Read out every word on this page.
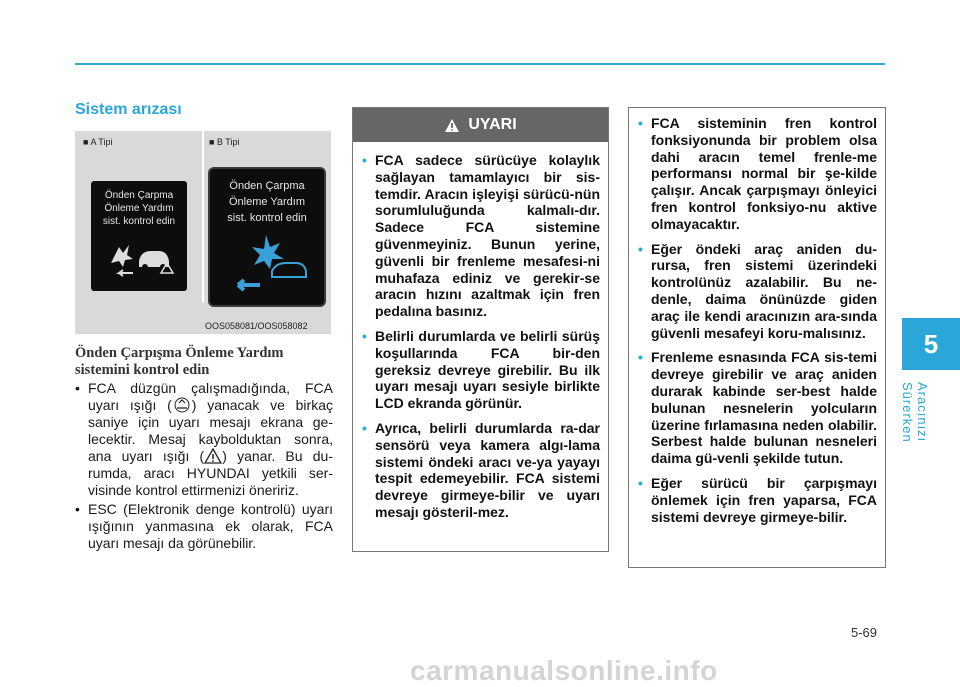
5
Aracınızı Sürerken
Sistem arızası
■ A Tipi	■ B Tipi
Önden Çarpma
Önleme Yardım
sist. kontrol edin
Önden Çarpma
Önleme Yardım
sist. kontrol edin
OOS058081/OOS058082
Önden Çarpışma Önleme Yardım sistemini kontrol edin
• FCA düzgün çalışmadığında, FCA uyarı ışığı ( ) yanacak ve birkaç saniye için uyarı mesajı ekrana ge-lecektir. Mesaj kaybolduktan sonra, ana uyarı ışığı ( ) yanar. Bu du-rumda, aracı HYUNDAI yetkili ser-visinde kontrol ettirmenizi öneririz.
• ESC (Elektronik denge kontrolü) uyarı ışığının yanmasına ek olarak, FCA uyarı mesajı da görünebilir.
UYARI
• FCA sadece sürücüye kolaylık sağlayan tamamlayıcı bir sis-temdir. Aracın işleyişi sürücü-nün sorumluluğunda kalmalı-dır. Sadece FCA sistemine güvenmeyiniz. Bunun yerine, güvenli bir frenleme mesafesi-ni muhafaza ediniz ve gerekir-se aracın hızını azaltmak için fren pedalına basınız.
• Belirli durumlarda ve belirli sürüş koşullarında FCA bir-den gereksiz devreye girebilir. Bu ilk uyarı mesajı uyarı sesiyle birlikte LCD ekranda görünür.
• Ayrıca, belirli durumlarda ra-dar sensörü veya kamera algı-lama sistemi öndeki aracı ve-ya yayayı tespit edemeyebilir. FCA sistemi devreye girmeye-bilir ve uyarı mesajı gösteril-mez.
• FCA sisteminin fren kontrol fonksiyonunda bir problem olsa dahi aracın temel frenle-me performansı normal bir şe-kilde çalışır. Ancak çarpışmayı önleyici fren kontrol fonksiyo-nu aktive olmayacaktır.
• Eğer öndeki araç aniden du-rursa, fren sistemi üzerindeki kontrolünüz azalabilir. Bu ne-denle, daima önünüzde giden araç ile kendi aracınızın ara-sında güvenli mesafeyi koru-malısınız.
• Frenleme esnasında FCA sis-temi devreye girebilir ve araç aniden durarak kabinde ser-best halde bulunan nesnelerin yolcuların üzerine fırlamasına neden olabilir. Serbest halde bulunan nesneleri daima gü-venli şekilde tutun.
• Eğer sürücü bir çarpışmayı önlemek için fren yaparsa, FCA sistemi devreye girmeye-bilir.
5-69
carmanualsonline.info
